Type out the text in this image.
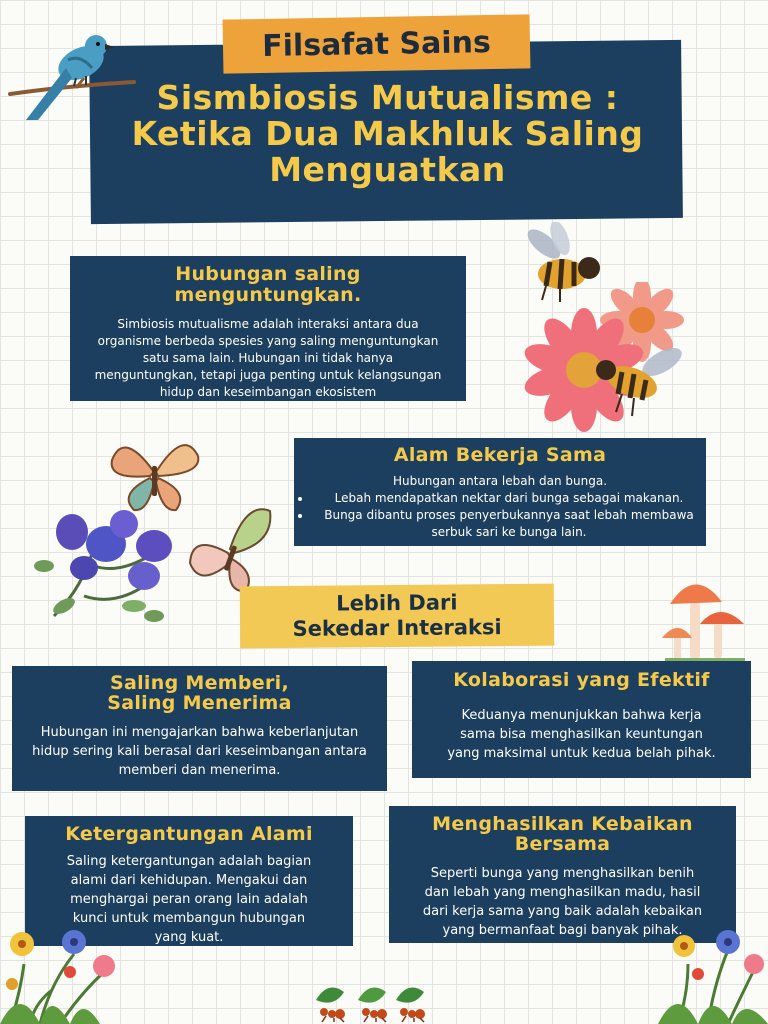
Filsafat Sains
Sismbiosis Mutualisme :
Ketika Dua Makhluk Saling
Menguatkan
Hubungan saling
menguntungkan.
Simbiosis mutualisme adalah interaksi antara dua
organisme berbeda spesies yang saling menguntungkan
satu sama lain. Hubungan ini tidak hanya
menguntungkan, tetapi juga penting untuk kelangsungan
hidup dan keseimbangan ekosistem
Alam Bekerja Sama
Hubungan antara lebah dan bunga.
• Lebah mendapatkan nektar dari bunga sebagai makanan.
• Bunga dibantu proses penyerbukannya saat lebah membawa serbuk sari ke bunga lain.
Lebih Dari
Sekedar Interaksi
Saling Memberi,
Saling Menerima
Hubungan ini mengajarkan bahwa keberlanjutan
hidup sering kali berasal dari keseimbangan antara
memberi dan menerima.
Kolaborasi yang Efektif
Keduanya menunjukkan bahwa kerja
sama bisa menghasilkan keuntungan
yang maksimal untuk kedua belah pihak.
Ketergantungan Alami
Saling ketergantungan adalah bagian
alami dari kehidupan. Mengakui dan
menghargai peran orang lain adalah
kunci untuk membangun hubungan
yang kuat.
Menghasilkan Kebaikan
Bersama
Seperti bunga yang menghasilkan benih
dan lebah yang menghasilkan madu, hasil
dari kerja sama yang baik adalah kebaikan
yang bermanfaat bagi banyak pihak.
